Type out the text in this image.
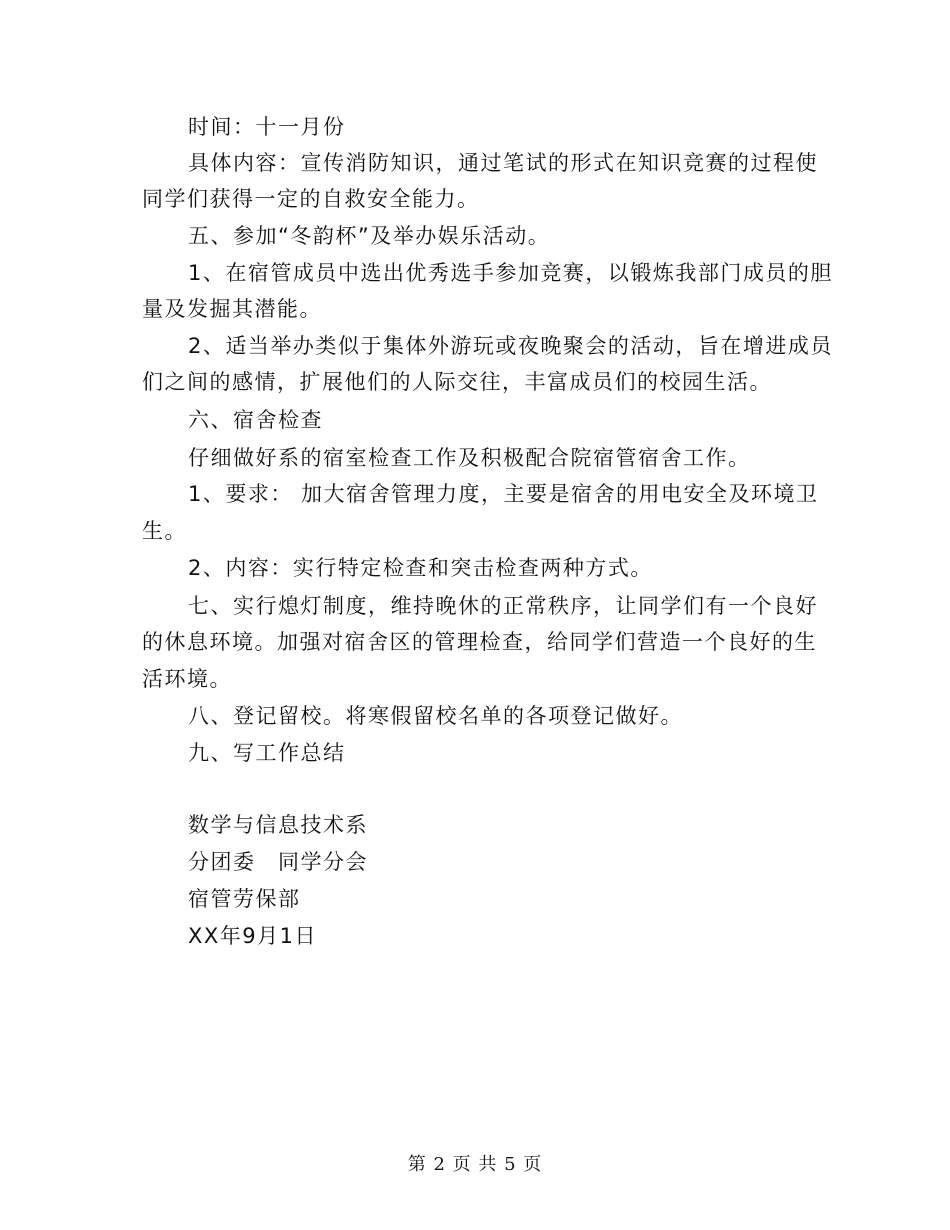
时间：十一月份
具体内容：宣传消防知识，通过笔试的形式在知识竞赛的过程使
同学们获得一定的自救安全能力。
五、参加“冬韵杯”及举办娱乐活动。
1、在宿管成员中选出优秀选手参加竞赛，以锻炼我部门成员的胆
量及发掘其潜能。
2、适当举办类似于集体外游玩或夜晚聚会的活动，旨在增进成员
们之间的感情，扩展他们的人际交往，丰富成员们的校园生活。
六、宿舍检查
仔细做好系的宿室检查工作及积极配合院宿管宿舍工作。
1、要求： 加大宿舍管理力度，主要是宿舍的用电安全及环境卫
生。
2、内容：实行特定检查和突击检查两种方式。
七、实行熄灯制度，维持晚休的正常秩序，让同学们有一个良好
的休息环境。加强对宿舍区的管理检查，给同学们营造一个良好的生
活环境。
八、登记留校。将寒假留校名单的各项登记做好。
九、写工作总结
数学与信息技术系
分团委　同学分会
宿管劳保部
XX年9月1日
第 2 页 共 5 页
